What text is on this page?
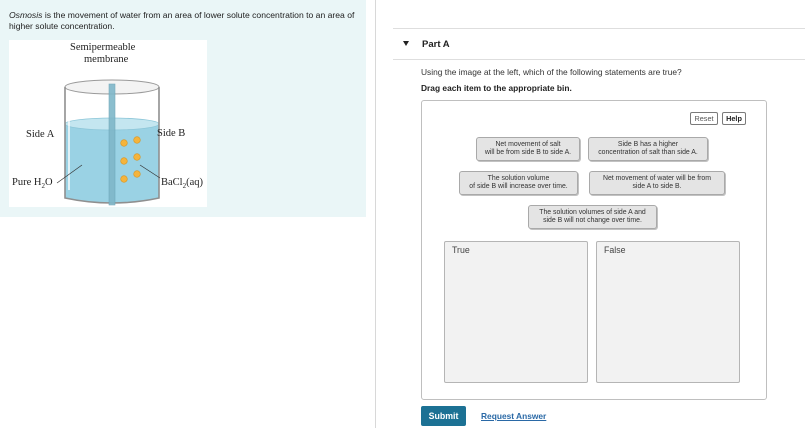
Osmosis is the movement of water from an area of lower solute concentration to an area of higher solute concentration.

Semipermeable
membrane
Side A	Side B
Pure $H_2O$	BaCl$_2$(aq)
Part A
Using the image at the left, which of the following statements are true?
Drag each item to the appropriate bin.
Reset	Help
Net movement of salt
will be from side B to side A.
Side B has a higher
concentration of salt than side A.
The solution volume
of side B will increase over time.
Net movement of water will be from
side A to side B.
The solution volumes of side A and
side B will not change over time.
True	False
Submit	Request Answer
